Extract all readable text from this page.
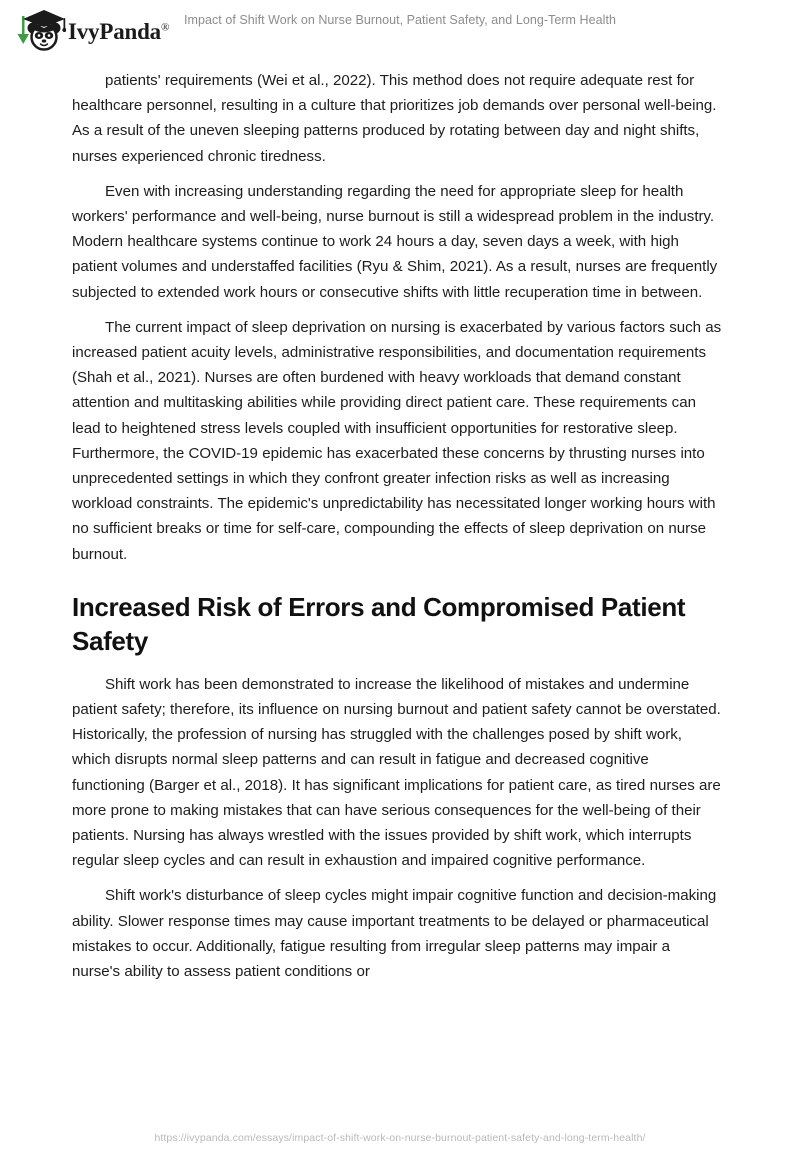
IvyPanda®	Impact of Shift Work on Nurse Burnout, Patient Safety, and Long-Term Health

patients' requirements (Wei et al., 2022). This method does not require adequate rest for healthcare personnel, resulting in a culture that prioritizes job demands over personal well-being. As a result of the uneven sleeping patterns produced by rotating between day and night shifts, nurses experienced chronic tiredness.

Even with increasing understanding regarding the need for appropriate sleep for health workers' performance and well-being, nurse burnout is still a widespread problem in the industry. Modern healthcare systems continue to work 24 hours a day, seven days a week, with high patient volumes and understaffed facilities (Ryu & Shim, 2021). As a result, nurses are frequently subjected to extended work hours or consecutive shifts with little recuperation time in between.

The current impact of sleep deprivation on nursing is exacerbated by various factors such as increased patient acuity levels, administrative responsibilities, and documentation requirements (Shah et al., 2021). Nurses are often burdened with heavy workloads that demand constant attention and multitasking abilities while providing direct patient care. These requirements can lead to heightened stress levels coupled with insufficient opportunities for restorative sleep. Furthermore, the COVID-19 epidemic has exacerbated these concerns by thrusting nurses into unprecedented settings in which they confront greater infection risks as well as increasing workload constraints. The epidemic's unpredictability has necessitated longer working hours with no sufficient breaks or time for self-care, compounding the effects of sleep deprivation on nurse burnout.

Increased Risk of Errors and Compromised Patient Safety

Shift work has been demonstrated to increase the likelihood of mistakes and undermine patient safety; therefore, its influence on nursing burnout and patient safety cannot be overstated. Historically, the profession of nursing has struggled with the challenges posed by shift work, which disrupts normal sleep patterns and can result in fatigue and decreased cognitive functioning (Barger et al., 2018). It has significant implications for patient care, as tired nurses are more prone to making mistakes that can have serious consequences for the well-being of their patients. Nursing has always wrestled with the issues provided by shift work, which interrupts regular sleep cycles and can result in exhaustion and impaired cognitive performance.

Shift work's disturbance of sleep cycles might impair cognitive function and decision-making ability. Slower response times may cause important treatments to be delayed or pharmaceutical mistakes to occur. Additionally, fatigue resulting from irregular sleep patterns may impair a nurse's ability to assess patient conditions or

https://ivypanda.com/essays/impact-of-shift-work-on-nurse-burnout-patient-safety-and-long-term-health/
